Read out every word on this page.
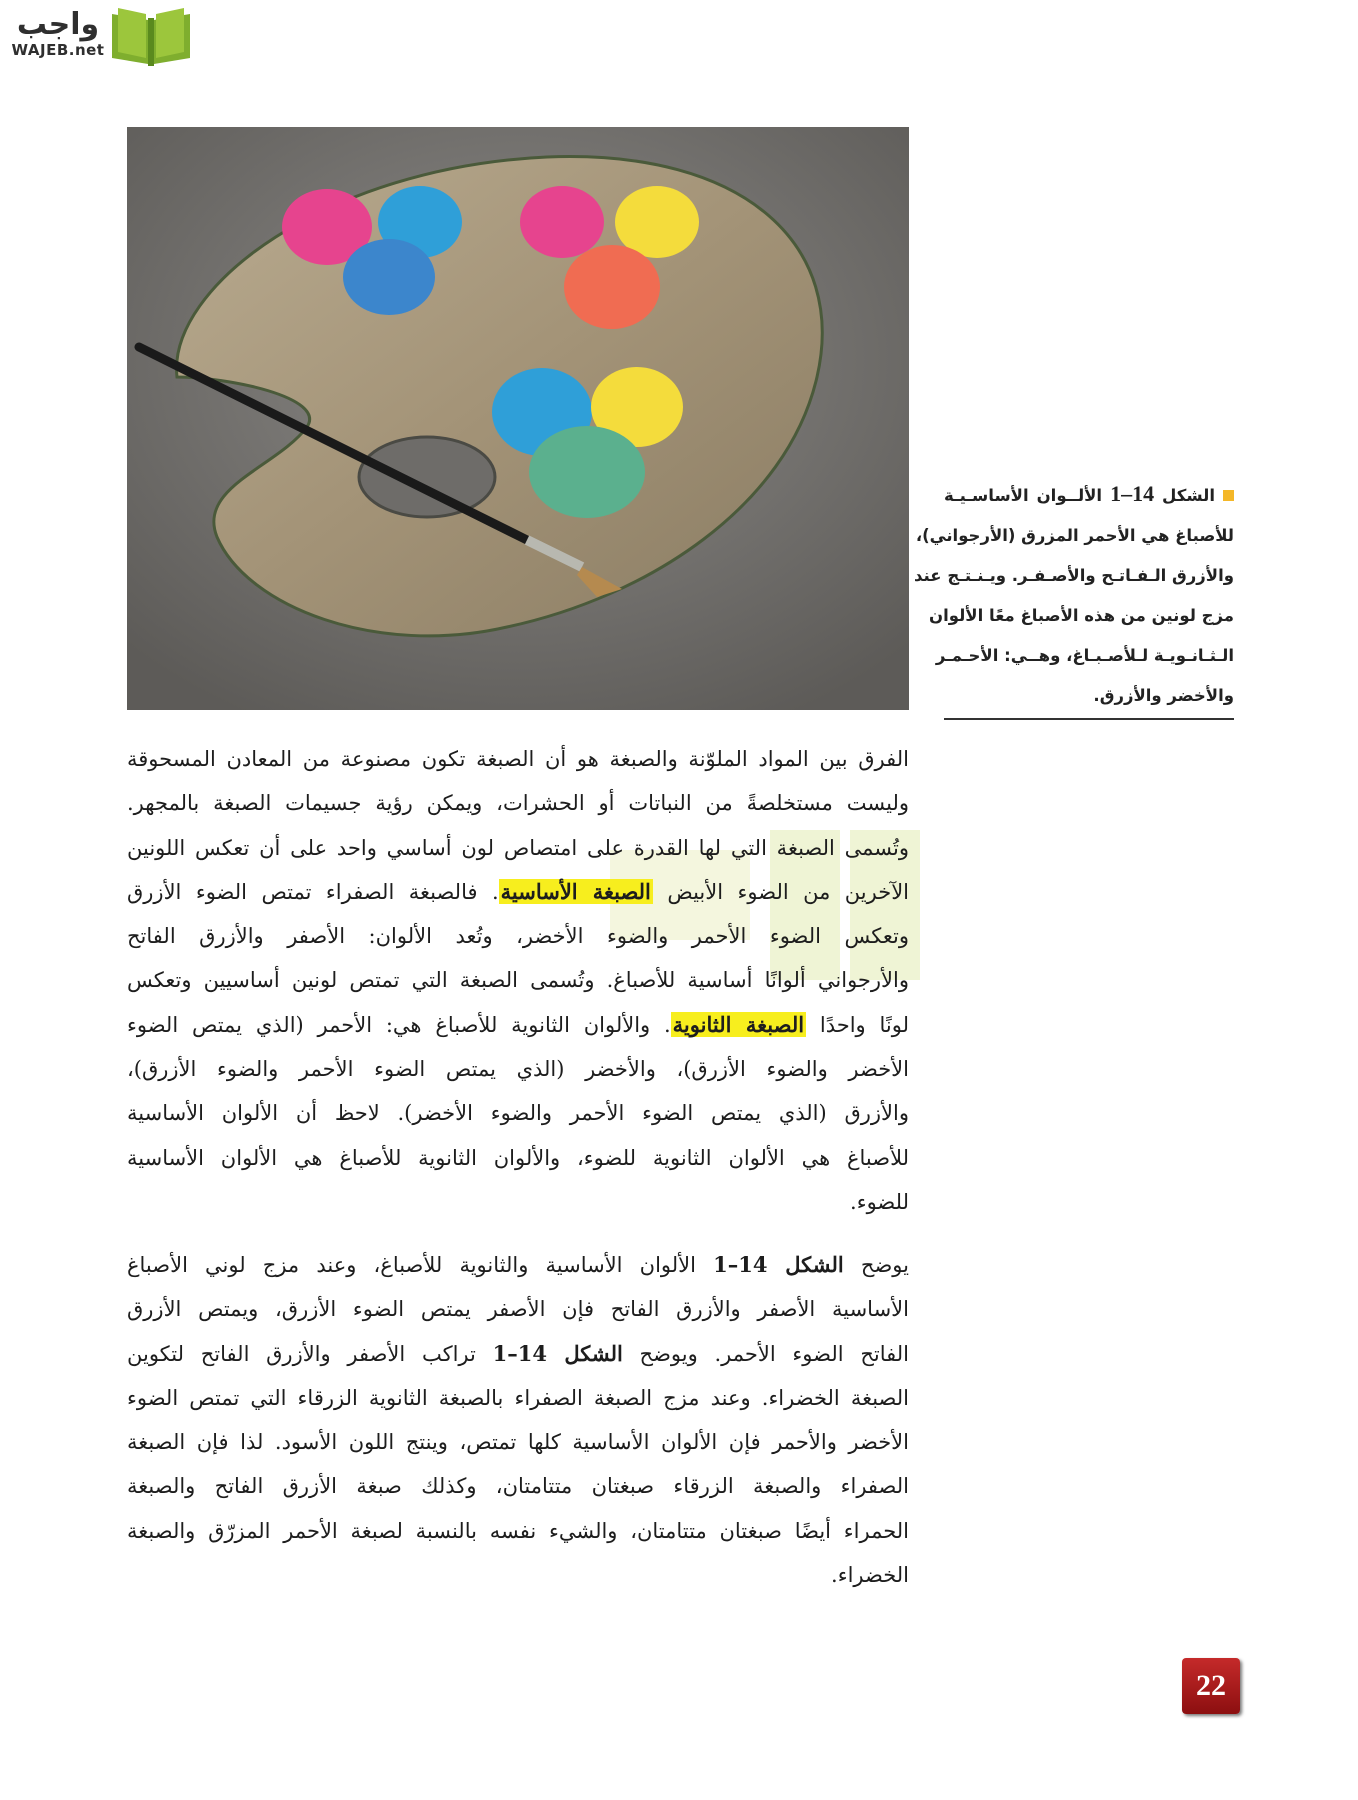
واجب
WAJEB.net
الشكل 14–1 الألــوان الأساسـيـة
للأصباغ هي الأحمر المزرق (الأرجواني)،
والأزرق الـفـاتـح والأصـفـر. ويـنـتـج عند
مزج لونين من هذه الأصباغ معًا الألوان
الـثـانـويـة لـلأصـبـاغ، وهــي: الأحـمـر
والأخضر والأزرق.
الفرق بين المواد الملوّنة والصبغة هو أن الصبغة تكون مصنوعة من المعادن المسحوقة
وليست مستخلصةً من النباتات أو الحشرات، ويمكن رؤية جسيمات الصبغة بالمجهر.
وتُسمى الصبغة التي لها القدرة على امتصاص لون أساسي واحد على أن تعكس اللونين
الآخرين من الضوء الأبيض الصبغة الأساسية. فالصبغة الصفراء تمتص الضوء الأزرق
وتعكس الضوء الأحمر والضوء الأخضر، وتُعد الألوان: الأصفر والأزرق الفاتح
والأرجواني ألوانًا أساسية للأصباغ. وتُسمى الصبغة التي تمتص لونين أساسيين وتعكس
لونًا واحدًا الصبغة الثانوية. والألوان الثانوية للأصباغ هي: الأحمر (الذي يمتص الضوء
الأخضر والضوء الأزرق)، والأخضر (الذي يمتص الضوء الأحمر والضوء الأزرق)،
والأزرق (الذي يمتص الضوء الأحمر والضوء الأخضر). لاحظ أن الألوان الأساسية
للأصباغ هي الألوان الثانوية للضوء، والألوان الثانوية للأصباغ هي الألوان الأساسية
للضوء.
يوضح الشكل 14–1 الألوان الأساسية والثانوية للأصباغ، وعند مزج لوني الأصباغ
الأساسية الأصفر والأزرق الفاتح فإن الأصفر يمتص الضوء الأزرق، ويمتص الأزرق
الفاتح الضوء الأحمر. ويوضح الشكل 14–1 تراكب الأصفر والأزرق الفاتح لتكوين
الصبغة الخضراء. وعند مزج الصبغة الصفراء بالصبغة الثانوية الزرقاء التي تمتص الضوء
الأخضر والأحمر فإن الألوان الأساسية كلها تمتص، وينتج اللون الأسود. لذا فإن الصبغة
الصفراء والصبغة الزرقاء صبغتان متتامتان، وكذلك صبغة الأزرق الفاتح والصبغة
الحمراء أيضًا صبغتان متتامتان، والشيء نفسه بالنسبة لصبغة الأحمر المزرّق والصبغة
الخضراء.
22
